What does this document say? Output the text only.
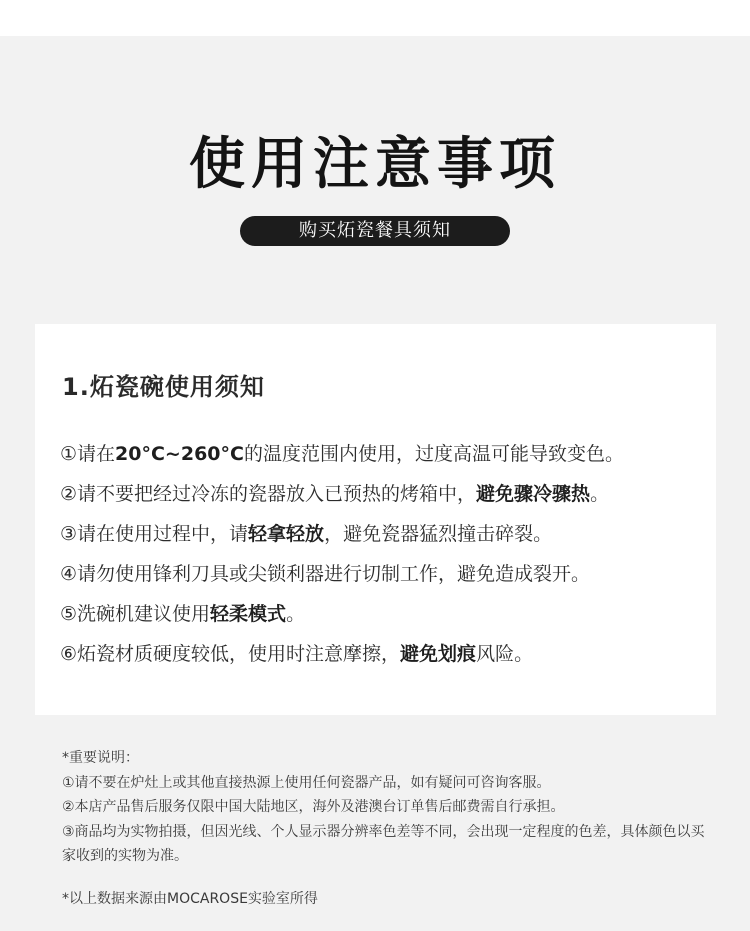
使用注意事项
购买炻瓷餐具须知
1.炻瓷碗使用须知
①请在20°C~260°C的温度范围内使用，过度高温可能导致变色。
②请不要把经过冷冻的瓷器放入已预热的烤箱中，避免骤冷骤热。
③请在使用过程中，请轻拿轻放，避免瓷器猛烈撞击碎裂。
④请勿使用锋利刀具或尖锁利器进行切制工作，避免造成裂开。
⑤洗碗机建议使用轻柔模式。
⑥炻瓷材质硬度较低，使用时注意摩擦，避免划痕风险。

*重要说明：

①请不要在炉灶上或其他直接热源上使用任何瓷器产品，如有疑问可咨询客服。

②本店产品售后服务仅限中国大陆地区，海外及港澳台订单售后邮费需自行承担。

③商品均为实物拍摄，但因光线、个人显示器分辨率色差等不同，会出现一定程度的色差，具体颜色以买家收到的实物为准。

*以上数据来源由MOCAROSE实验室所得
